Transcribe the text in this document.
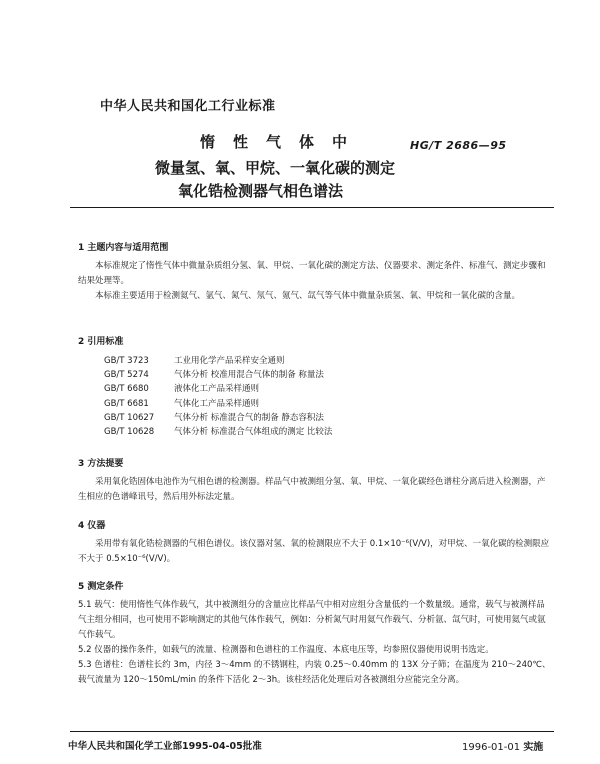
中华人民共和国化工行业标准
惰性气体中
微量氢、氧、甲烷、一氧化碳的测定
氧化锆检测器气相色谱法
HG/T 2686—95
1 主题内容与适用范围

本标准规定了惰性气体中微量杂质组分氢、氧、甲烷、一氧化碳的测定方法、仪器要求、测定条件、标准气、测定步骤和结果处理等。

本标准主要适用于检测氦气、氩气、氮气、氖气、氪气、氙气等气体中微量杂质氢、氧、甲烷和一氧化碳的含量。

2 引用标准
GB/T 3723	工业用化学产品采样安全通则
GB/T 5274	气体分析 校准用混合气体的制备 称量法
GB/T 6680	液体化工产品采样通则
GB/T 6681	气体化工产品采样通则
GB/T 10627 气体分析 标准混合气的制备 静态容积法
GB/T 10628 气体分析 标准混合气体组成的测定 比较法
3 方法提要

采用氧化锆固体电池作为气相色谱的检测器。样品气中被测组分氢、氧、甲烷、一氧化碳经色谱柱分离后进入检测器，产生相应的色谱峰讯号，然后用外标法定量。

4 仪器

采用带有氧化锆检测器的气相色谱仪。该仪器对氢、氧的检测限应不大于 0.1×10⁻⁶(V/V)，对甲烷、一氧化碳的检测限应不大于 0.5×10⁻⁶(V/V)。

5 测定条件
5.1 载气：使用惰性气体作载气，其中被测组分的含量应比样品气中相对应组分含量低约一个数量级。通常，载气与被测样品气主组分相同，也可使用不影响测定的其他气体作载气，例如：分析氮气时用氦气作载气、分析氩、氙气时，可使用氦气或氩气作载气。
5.2 仪器的操作条件，如载气的流量、检测器和色谱柱的工作温度、本底电压等，均参照仪器使用说明书选定。
5.3 色谱柱：色谱柱长约 3m，内径 3～4mm 的不锈钢柱，内装 0.25～0.40mm 的 13X 分子筛；在温度为 210～240℃、载气流量为 120～150mL/min 的条件下活化 2～3h。该柱经活化处理后对各被测组分应能完全分离。
中华人民共和国化学工业部1995-04-05批准	1996-01-01 实施
